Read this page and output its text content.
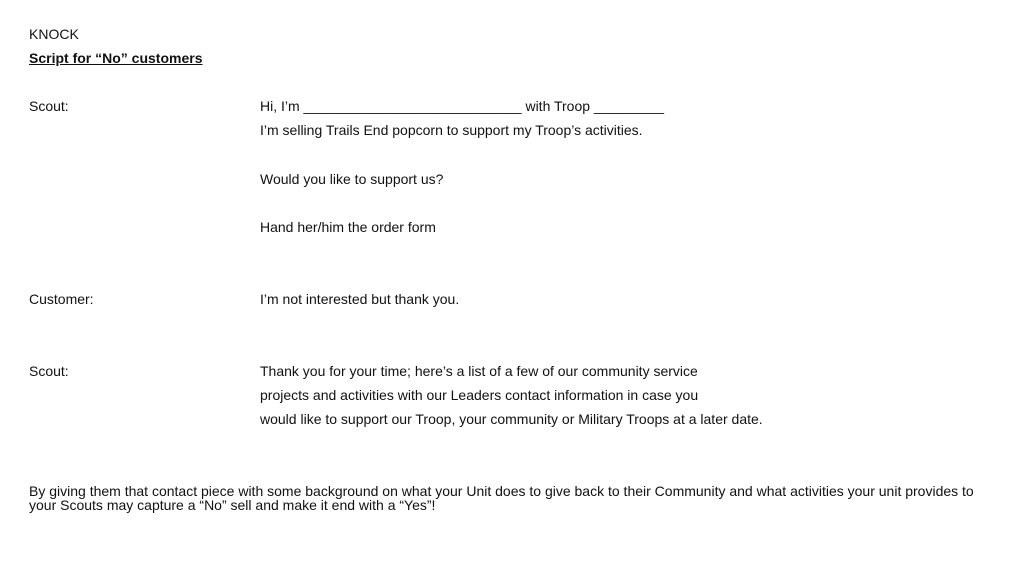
KNOCK
Script for “No” customers
Scout:	Hi, I’m ____________________________ with Troop _________
I’m selling Trails End popcorn to support my Troop’s activities.
Would you like to support us?
Hand her/him the order form
Customer:	I’m not interested but thank you.
Scout:	Thank you for your time; here’s a list of a few of our community service
projects and activities with our Leaders contact information in case you
would like to support our Troop, your community or Military Troops at a later date.
By giving them that contact piece with some background on what your Unit does to give back to their Community and what activities your unit provides to your Scouts may capture a “No” sell and make it end with a “Yes”!
